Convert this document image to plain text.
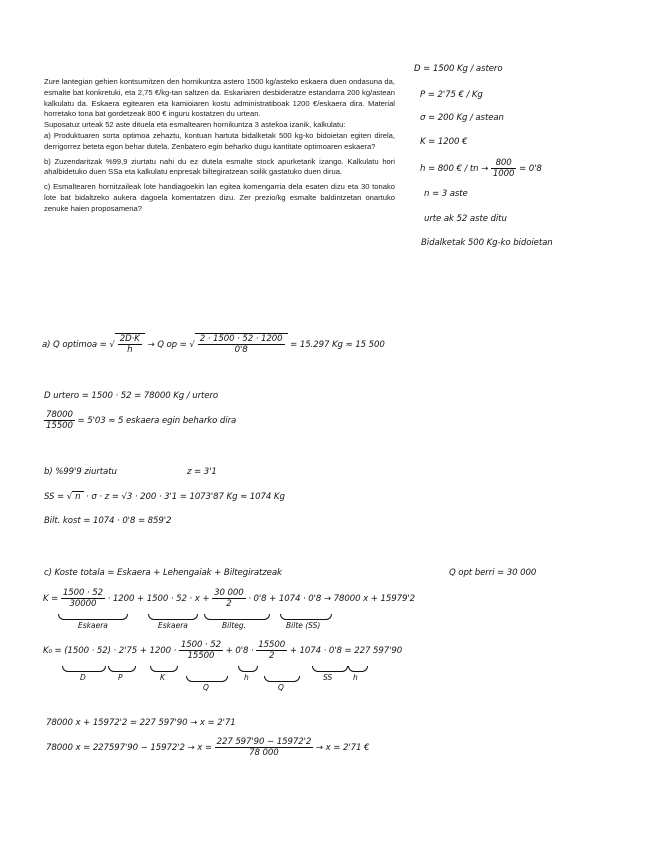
Zure lantegian gehien kontsumitzen den hornikuntza astero 1500 kg/asteko eskaera duen ondasuna da, esmalte bat konkretuki, eta 2,75 €/kg-tan saltzen da. Eskariaren desbideratze estandarra 200 kg/astean kalkulatu da. Eskaera egitearen eta kamioiaren kostu administratiboak 1200 €/eskaera dira. Material horretako tona bat gordetzeak 800 € inguru kostatzen du urtean.

Suposatuz urteak 52 aste dituela eta esmaltearen hornikuntza 3 astekoa izanik, kalkulatu:

a) Produktuaren sorta optimoa zehaztu, kontuan hartuta bidalketak 500 kg-ko bidoietan egiten direla, derrigorrez beteta egon behar dutela. Zenbatero egin beharko dugu kantitate optimoaren eskaera?

b) Zuzendaritzak %99,9 ziurtatu nahi du ez dutela esmalte stock apurketarik izango. Kalkulatu hori ahalbidetuko duen SSa eta kalkulatu enpresak biltegiratzean soilik gastatuko duen dirua.

c) Esmaltearen hornitzaileak lote handiagoekin lan egitea komengarria dela esaten dizu eta 30 tonako lote bat bidaltzeko aukera dagoela komentatzen dizu. Zer prezio/kg esmalte baldintzetan onartuko zenuke haien proposamena?

D = 1500 Kg / astero
P = 2'75 € / Kg
σ = 200 Kg / astean
K = 1200 €
h = 800 € / tn → $\frac{800}{1000} = 0'8$
n = 3 aste
urte ak 52 aste ditu
Bidalketak 500 Kg-ko bidoietan
a) Q optimoa = √ $\frac{2D\cdot K}{h} \to Q$ op = √ $\frac{2 \cdot 1500 \cdot 52 \cdot 1200}{0'8} = 15.297$ Kg ≈ 15 500
D urtero = 1500 · 52 = 78000 Kg / urtero
$\frac{78000}{15500} = 5'03 \approx 5$ eskaera egin beharko dira
b) %99'9 ziurtatu	z = 3'1
SS = √ n · σ · z = √3 · 200 · 3'1 = 1073'87 Kg ≈ 1074 Kg
Bilt. kost = 1074 · 0'8 = 859'2
c) Koste totala = Eskaera + Lehengaiak + Biltegiratzeak	Q opt berri = 30 000
$K = \frac{1500 \cdot 52}{30000} \cdot 1200 + 1500 \cdot 52 \cdot x + \frac{30 000}{2} \cdot 0'8 + 1074 \cdot 0'8 \to 78000$ x + 15979'2
Eskaera	Eskaera	Bilteg.	Bilte (SS)
$K_0 = (1500 \cdot 52) \cdot 2'75 + 1200 \cdot \frac{1500 \cdot 52}{15500} + 0'8 \cdot \frac{15500}{2} + 1074 \cdot 0'8 = 227$ 597'90
D	P	K
Q
h
Q
SS	h
78000 x + 15972'2 = 227 597'90 → x = 2'71
78000 $x = 227597'90 - 15972'2 \to x = \frac{227 597'90 - 15972'2}{78 000} \to x = 2'71$ €
